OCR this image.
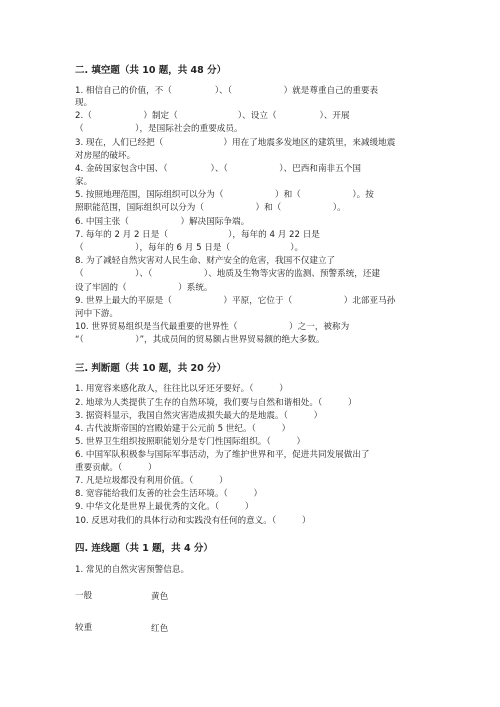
二. 填空题（共 10 题，共 48 分）
1. 相信自己的价值，不（　　　　　）、（　　　　　　）就是尊重自己的重要表
现。
2.（　　　　　　）制定（　　　　　　　）、设立（　　　　　）、开展
（　　　　　　），是国际社会的重要成员。
3. 现在，人们已经把（　　　　　　　）用在了地震多发地区的建筑里，来减缓地震
对房屋的破坏。
4. 金砖国家包含中国、（　　　　　）、（　　　　　　）、巴西和南非五个国
家。
5. 按照地理范围，国际组织可以分为（　　　　　　）和（　　　　　　）。按
照职能范围，国际组织可以分为（　　　　　　）和（　　　　　　）。
6. 中国主张（　　　　　　）解决国际争端。
7. 每年的 2 月 2 日是（　　　　　　　），每年的 4 月 22 日是
（　　　　　　），每年的 6 月 5 日是（　　　　　　　）。
8. 为了减轻自然灾害对人民生命、财产安全的危害，我国不仅建立了
（　　　　　　）、（　　　　　　）、地质及生物等灾害的监测、预警系统，还建
设了牢固的（　　　　　　）系统。
9. 世界上最大的平原是（　　　　　　）平原，它位于（　　　　　　）北部亚马孙
河中下游。
10. 世界贸易组织是当代最重要的世界性（　　　　　　）之一，被称为
“（　　　　　　）”，其成员间的贸易额占世界贸易额的绝大多数。
三. 判断题（共 10 题，共 20 分）
1. 用宽容来感化敌人，往往比以牙还牙要好。（　　　）
2. 地球为人类提供了生存的自然环境，我们要与自然和谐相处。（　　　）
3. 据资料显示，我国自然灾害造成损失最大的是地震。（　　　）
4. 古代波斯帝国的宫殿始建于公元前 5 世纪。（　　　）
5. 世界卫生组织按照职能划分是专门性国际组织。（　　　）
6. 中国军队积极参与国际军事活动，为了维护世界和平，促进共同发展做出了
重要贡献。（　　　）
7. 凡是垃圾都没有利用价值。（　　　）
8. 宽容能给我们友善的社会生活环境。（　　　）
9. 中华文化是世界上最优秀的文化。（　　　）
10. 反思对我们的具体行动和实践没有任何的意义。（　　　）
四. 连线题（共 1 题，共 4 分）
1. 常见的自然灾害预警信息。
一般	黄色
较重	红色
